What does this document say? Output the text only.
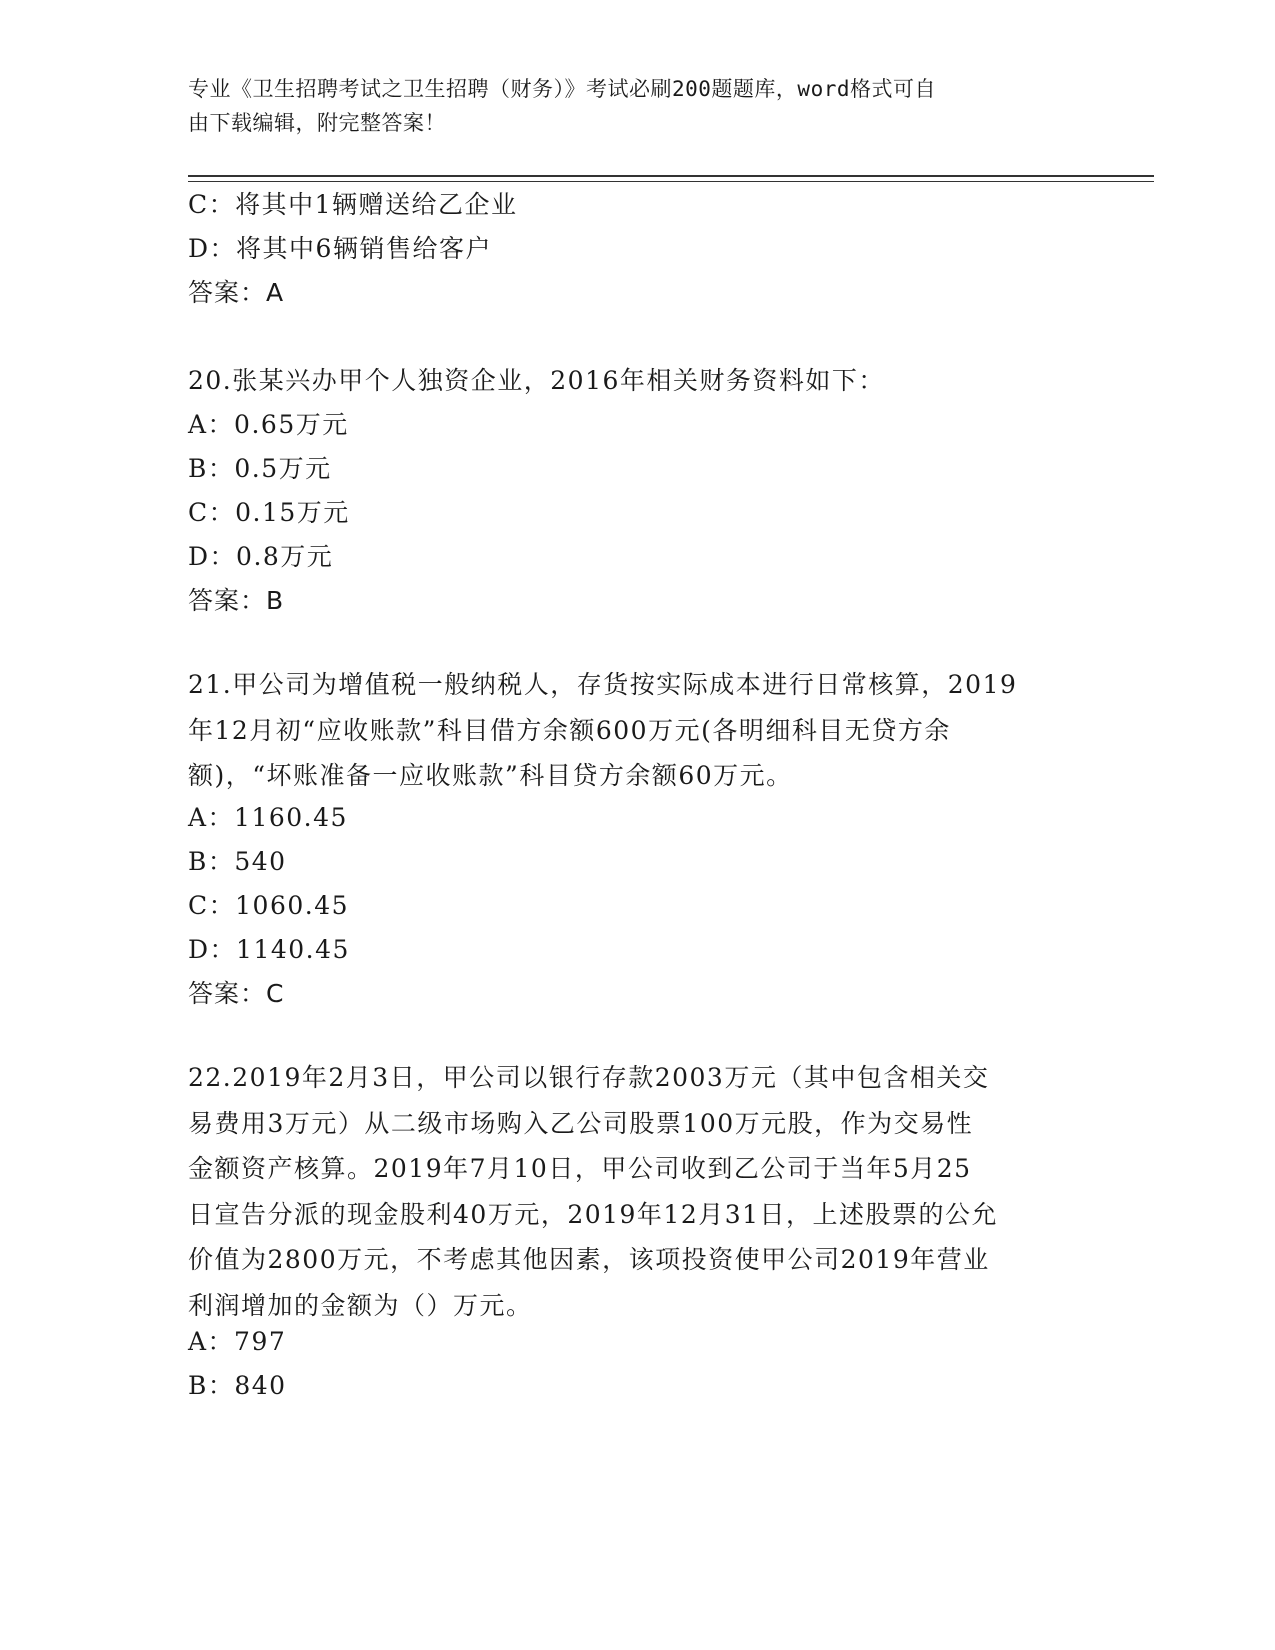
专业《卫生招聘考试之卫生招聘（财务）》考试必刷200题题库，word格式可自
由下载编辑，附完整答案！
C：将其中1辆赠送给乙企业
D：将其中6辆销售给客户
答案：A
20.张某兴办甲个人独资企业，2016年相关财务资料如下：
A：0.65万元
B：0.5万元
C：0.15万元
D：0.8万元
答案：B
21.甲公司为增值税一般纳税人，存货按实际成本进行日常核算，2019
年12月初“应收账款”科目借方余额600万元(各明细科目无贷方余
额)，“坏账准备一应收账款”科目贷方余额60万元。
A：1160.45
B：540
C：1060.45
D：1140.45
答案：C
22.2019年2月3日，甲公司以银行存款2003万元（其中包含相关交
易费用3万元）从二级市场购入乙公司股票100万元股，作为交易性
金额资产核算。2019年7月10日，甲公司收到乙公司于当年5月25
日宣告分派的现金股利40万元，2019年12月31日，上述股票的公允
价值为2800万元，不考虑其他因素，该项投资使甲公司2019年营业
利润增加的金额为（）万元。
A：797
B：840
